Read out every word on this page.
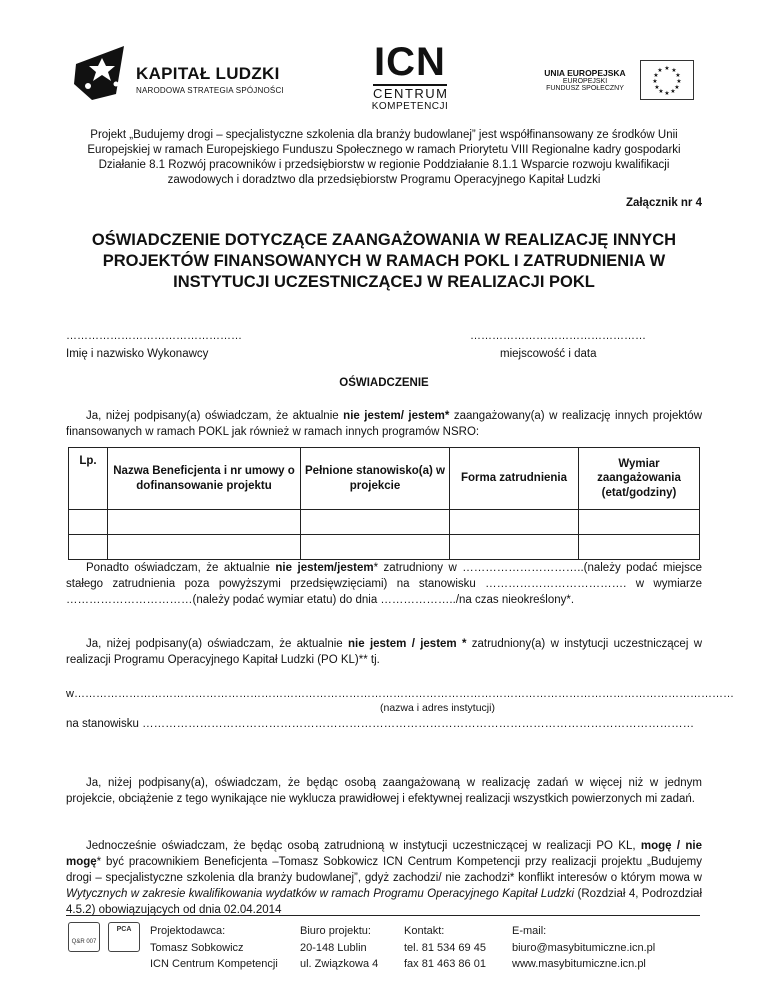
KAPITAŁ LUDZKI
NARODOWA STRATEGIA SPÓJNOŚCI
ICN
CENTRUM
KOMPETENCJI
UNIA EUROPEJSKA
EUROPEJSKI
FUNDUSZ SPOŁECZNY
★ ★
★
★
★
★
★
★
★
★
★
★
Projekt „Budujemy drogi – specjalistyczne szkolenia dla branży budowlanej” jest współfinansowany ze środków Unii Europejskiej w ramach Europejskiego Funduszu Społecznego w ramach Priorytetu VIII Regionalne kadry gospodarki Działanie 8.1 Rozwój pracowników i przedsiębiorstw w regionie Poddziałanie 8.1.1 Wsparcie rozwoju kwalifikacji zawodowych i doradztwo dla przedsiębiorstw Programu Operacyjnego Kapitał Ludzki
Załącznik nr 4
OŚWIADCZENIE DOTYCZĄCE ZAANGAŻOWANIA W REALIZACJĘ INNYCH PROJEKTÓW FINANSOWANYCH W RAMACH POKL I ZATRUDNIENIA W INSTYTUCJI UCZESTNICZĄCEJ W REALIZACJI POKL
…………………………………………	…………………………………………
Imię i nazwisko Wykonawcy	miejscowość i data
OŚWIADCZENIE
Ja, niżej podpisany(a) oświadczam, że aktualnie nie jestem/ jestem* zaangażowany(a) w realizację innych projektów finansowanych w ramach POKL jak również w ramach innych programów NSRO:
Lp.	Nazwa Beneficjenta i nr umowy o dofinansowanie projektu	Pełnione stanowisko(a) w projekcie	Forma zatrudnienia	Wymiar zaangażowania (etat/godziny)

Ponadto oświadczam, że aktualnie nie jestem/jestem* zatrudniony w …………………………..(należy podać miejsce stałego zatrudnienia poza powyższymi przedsięwzięciami) na stanowisku ………………………………. w wymiarze ……………………………(należy podać wymiar etatu) do dnia ………………../na czas nieokreślony*.
Ja, niżej podpisany(a) oświadczam, że aktualnie nie jestem / jestem * zatrudniony(a) w instytucji uczestniczącej w realizacji Programu Operacyjnego Kapitał Ludzki (PO KL)** tj.
w………………………………………………………………………………………………………………………………………………………………
(nazwa i adres instytucji)
na stanowisku ………………………………………………………………………………………………………………………………
Ja, niżej podpisany(a), oświadczam, że będąc osobą zaangażowaną w realizację zadań w więcej niż w jednym projekcie, obciążenie z tego wynikające nie wyklucza prawidłowej i efektywnej realizacji wszystkich powierzonych mi zadań.
Jednocześnie oświadczam, że będąc osobą zatrudnioną w instytucji uczestniczącej w realizacji PO KL, mogę / nie mogę* być pracownikiem Beneficjenta –Tomasz Sobkowicz ICN Centrum Kompetencji przy realizacji projektu „Budujemy drogi – specjalistyczne szkolenia dla branży budowlanej”, gdyż zachodzi/ nie zachodzi* konflikt interesów o którym mowa w Wytycznych w zakresie kwalifikowania wydatków w ramach Programu Operacyjnego Kapitał Ludzki (Rozdział 4, Podrozdział 4.5.2) obowiązujących od dnia 02.04.2014
Q&R 007
PCA	Projektodawca:
Tomasz Sobkowicz
ICN Centrum Kompetencji
Biuro projektu:
20-148 Lublin
ul. Związkowa 4
Kontakt:
tel. 81 534 69 45
fax 81 463 86 01
E-mail:
biuro@masybitumiczne.icn.pl
www.masybitumiczne.icn.pl
